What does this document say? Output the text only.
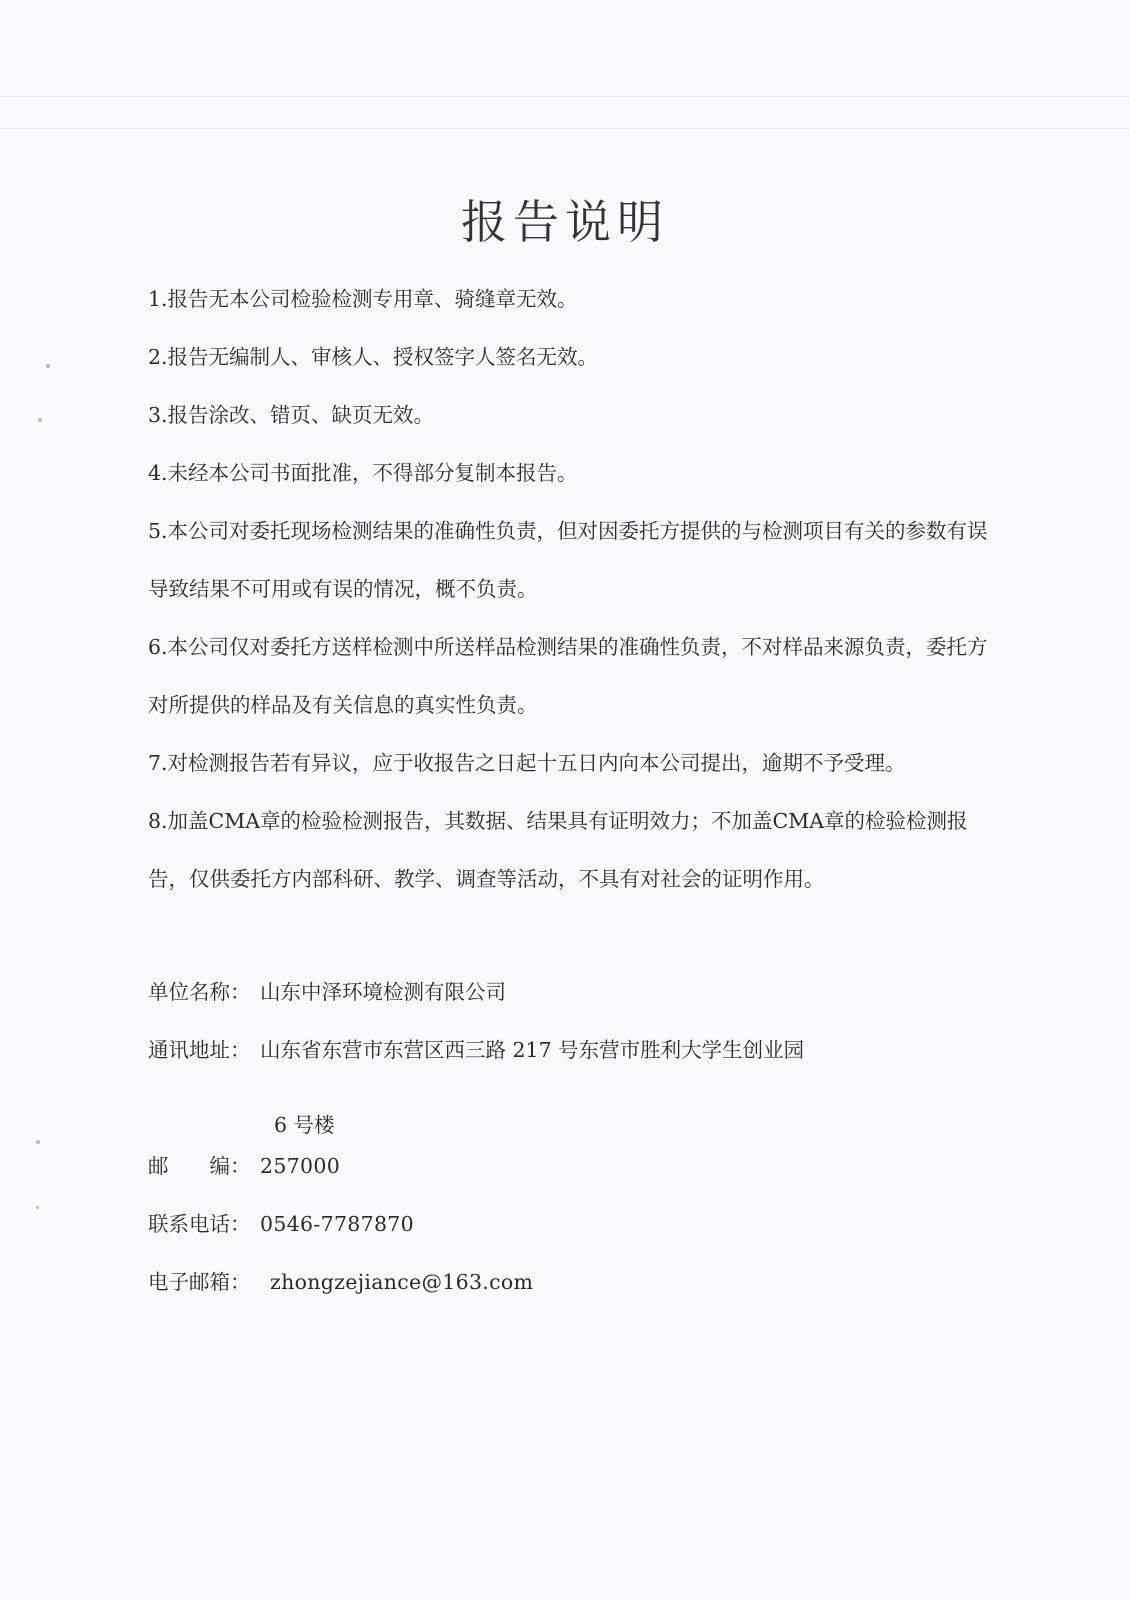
报告说明
1.报告无本公司检验检测专用章、骑缝章无效。
2.报告无编制人、审核人、授权签字人签名无效。
3.报告涂改、错页、缺页无效。
4.未经本公司书面批准，不得部分复制本报告。
5.本公司对委托现场检测结果的准确性负责，但对因委托方提供的与检测项目有关的参数有误导致结果不可用或有误的情况，概不负责。
6.本公司仅对委托方送样检测中所送样品检测结果的准确性负责，不对样品来源负责，委托方对所提供的样品及有关信息的真实性负责。
7.对检测报告若有异议，应于收报告之日起十五日内向本公司提出，逾期不予受理。
8.加盖CMA章的检验检测报告，其数据、结果具有证明效力；不加盖CMA章的检验检测报告，仅供委托方内部科研、教学、调查等活动，不具有对社会的证明作用。
单位名称： 山东中泽环境检测有限公司
通讯地址： 山东省东营市东营区西三路 217 号东营市胜利大学生创业园
邮　　编： 257000
联系电话： 0546-7787870
电子邮箱： zhongzejiance@163.com
6 号楼
